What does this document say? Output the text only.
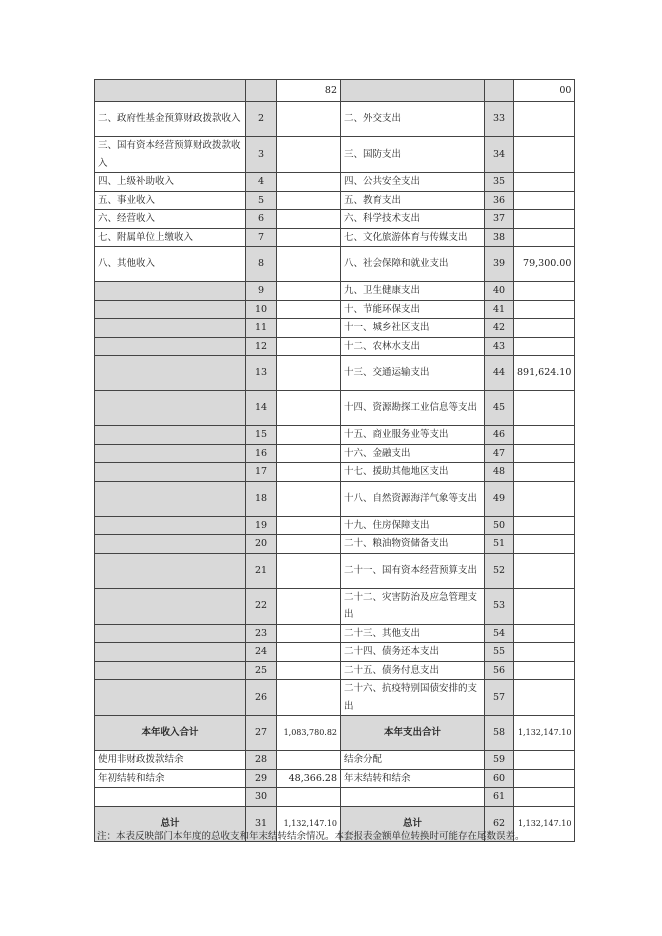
		82			00
二、政府性基金预算财政拨款收入	2		二、外交支出	33	
三、国有资本经营预算财政拨款收入	3		三、国防支出	34	
四、上级补助收入	4		四、公共安全支出	35	
五、事业收入	5		五、教育支出	36	
六、经营收入	6		六、科学技术支出	37	
七、附属单位上缴收入	7		七、文化旅游体育与传媒支出	38	
八、其他收入	8		八、社会保障和就业支出	39	79,300.00
	9		九、卫生健康支出	40	
	10		十、节能环保支出	41	
	11		十一、城乡社区支出	42	
	12		十二、农林水支出	43	
	13		十三、交通运输支出	44	891,624.10
	14		十四、资源勘探工业信息等支出	45	
	15		十五、商业服务业等支出	46	
	16		十六、金融支出	47	
	17		十七、援助其他地区支出	48	
	18		十八、自然资源海洋气象等支出	49	
	19		十九、住房保障支出	50	
	20		二十、粮油物资储备支出	51	
	21		二十一、国有资本经营预算支出	52	
	22		二十二、灾害防治及应急管理支出	53	
	23		二十三、其他支出	54	
	24		二十四、债务还本支出	55	
	25		二十五、债务付息支出	56	
	26		二十六、抗疫特别国债安排的支出	57	
本年收入合计	27	1,083,780.82	本年支出合计	58	1,132,147.10
使用非财政拨款结余	28		结余分配	59	
年初结转和结余	29	48,366.28	年末结转和结余	60	
	30			61	
总计	31	1,132,147.10	总计	62	1,132,147.10
注：本表反映部门本年度的总收支和年末结转结余情况。本套报表金额单位转换时可能存在尾数误差。
